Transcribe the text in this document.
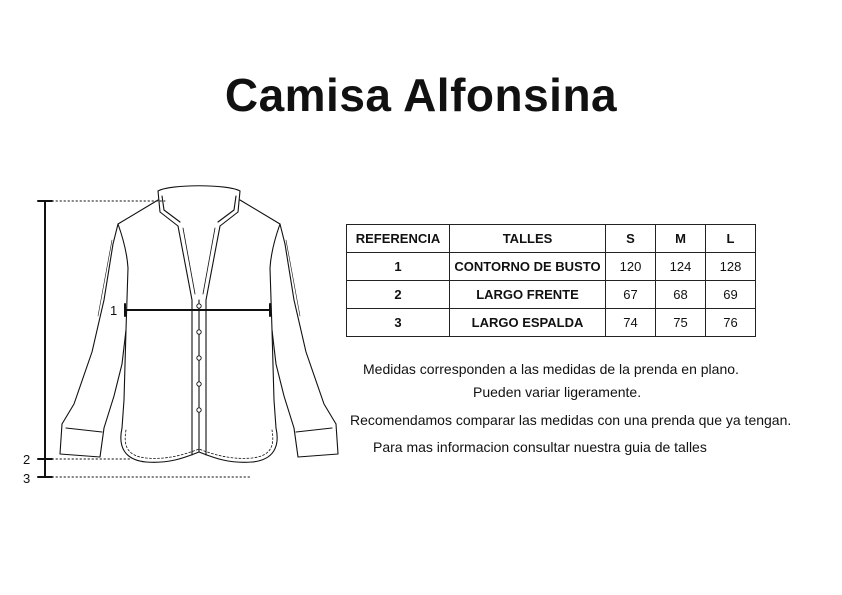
Camisa Alfonsina
1
2
3
REFERENCIA	TALLES	S	M	L
1	CONTORNO DE BUSTO	120	124	128
2	LARGO FRENTE	67	68	69
3	LARGO ESPALDA	74	75	76
Medidas corresponden a las medidas de la prenda en plano.
Pueden variar ligeramente.
Recomendamos comparar las medidas con una prenda que ya tengan.
Para mas informacion consultar nuestra guia de talles
